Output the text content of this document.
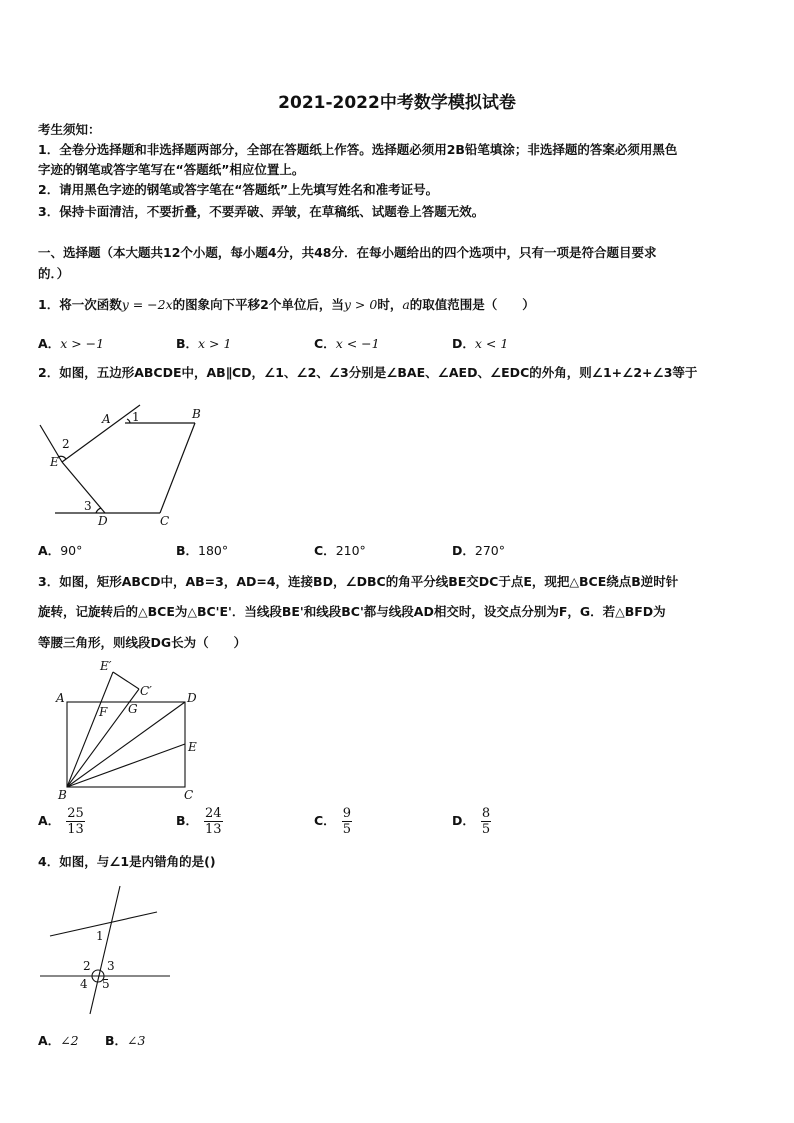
2021-2022中考数学模拟试卷
考生须知：
1．全卷分选择题和非选择题两部分，全部在答题纸上作答。选择题必须用2B铅笔填涂；非选择题的答案必须用黑色
字迹的钢笔或答字笔写在“答题纸”相应位置上。
2．请用黑色字迹的钢笔或答字笔在“答题纸”上先填写姓名和准考证号。
3．保持卡面清洁，不要折叠，不要弄破、弄皱，在草稿纸、试题卷上答题无效。
一、选择题（本大题共12个小题，每小题4分，共48分．在每小题给出的四个选项中，只有一项是符合题目要求
的．）
1．将一次函数y = −2x的图象向下平移2个单位后，当y > 0时，a的取值范围是（　　）
A．x > −1	B．x > 1	C．x < −1	D．x < 1
2．如图，五边形ABCDE中，AB∥CD，∠1、∠2、∠3分别是∠BAE、∠AED、∠EDC的外角，则∠1+∠2+∠3等于
A	B
C
D
E
1
2
3
A．90°	B．180°	C．210°	D．270°
3．如图，矩形ABCD中，AB=3，AD=4，连接BD，∠DBC的角平分线BE交DC于点E，现把△BCE绕点B逆时针
旋转，记旋转后的△BCE为△BC'E'．当线段BE'和线段BC'都与线段AD相交时，设交点分别为F，G．若△BFD为
等腰三角形，则线段DG长为（　　）
E′
C′
A	D
F G
E
B	C
A． $\frac{25}{13}$	B． $\frac{24}{13}$	C． $\frac{9}{5}$	D． $\frac{8}{5}$
4．如图，与∠1是内错角的是()
1
2 3
4 5
A．∠2 B．∠3
